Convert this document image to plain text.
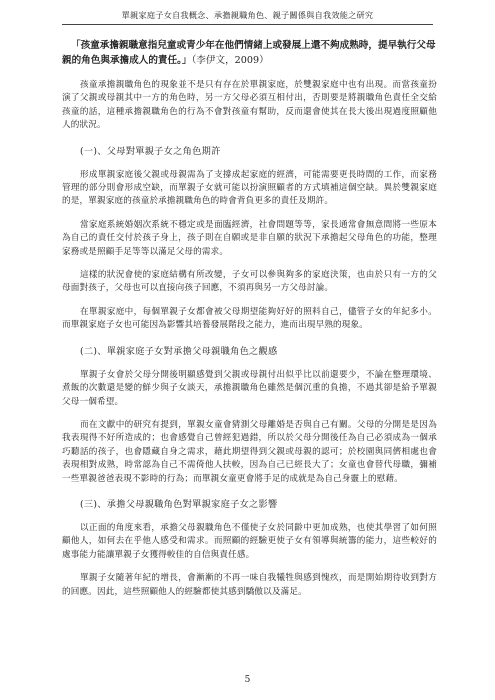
單親家庭子女自我概念、承擔親職角色、親子關係與自我效能之研究

「孩童承擔親職意指兒童或青少年在他們情緒上或發展上還不夠成熟時，提早執行父母親的角色與承擔成人的責任。」（李伊文，2009）

孩童承擔親職角色的現象並不是只有存在於單親家庭，於雙親家庭中也有出現。而當孩童扮演了父親或母親其中一方的角色時，另一方父母必須互相付出，否則要是將親職角色責任全交給孩童的話，這種承擔親職角色的行為不會對孩童有幫助，反而還會使其在長大後出現過度照顧他人的狀況。

(一)、父母對單親子女之角色期許

形成單親家庭後父親或母親需為了支撐成起家庭的經濟，可能需要更長時間的工作，而家務管理的部分則會形成空缺，而單親子女就可能以扮演照顧者的方式填補這個空缺。異於雙親家庭的是，單親家庭的孩童於承擔親職角色的時會背負更多的責任及期許。

當家庭系統婚姻次系統不穩定或是面臨經濟，社會問題等等，家長通常會無意間將一些原本為自己的責任交付於孩子身上，孩子則在自願或是非自願的狀況下承擔起父母角色的功能，整理家務或是照顧手足等等以滿足父母的需求。

這樣的狀況會使的家庭結構有所改變，子女可以參與夠多的家庭決策，也由於只有一方的父母面對孩子，父母也可以直接向孩子回應，不須再與另一方父母討論。

在單親家庭中，每個單親子女都會被父母期望能夠好好的照料自己，儘管子女的年紀多小。而單親家庭子女也可能因為影響其培養發展階段之能力，進而出現早熟的現象。

(二)、單親家庭子女對承擔父母親職角色之觀感

單親子女會於父母分開後明顯感覺到父親或母親付出似乎比以前還要少，不論在整理環境、煮飯的次數還是變的鮮少與子女談天，承擔親職角色雖然是個沉重的負擔，不過其卻是給予單親父母一個希望。

而在文獻中的研究有提到，單親女童會猜測父母離婚是否與自己有關。父母的分開是是因為我表現得不好所造成的；也會感覺自己曾經犯過錯，所以於父母分開後任為自己必須成為一個承巧聽話的孩子，也會隱藏自身之需求，藉此期望得到父親或母親的認可；於校園與同儕相處也會表現相對成熟，時常認為自己不需倚他人扶較，因為自己已經長大了；女童也會替代母職，彌補一些單親爸爸表現不影時的行為；而單親女童更會將手足的成就是為自己身靈上的慰藉。

(三)、承擔父母親職角色對單親家庭子女之影響

以正面的角度來看，承擔父母親職角色不僅使子女於同齡中更加成熟，也使其學習了如何照顧他人，如何去在乎他人感受和需求。而照顧的經驗更使子女有領導與統籌的能力，這些較好的處事能力能讓單親子女獲得較佳的自信與責任感。

單親子女隨著年紀的增長，會漸漸的不再一味自我犧牲與感到愧疚，而是開始期待收到對方的回應。因此，這些照顧他人的經驗都使其感到驕傲以及滿足。

5
